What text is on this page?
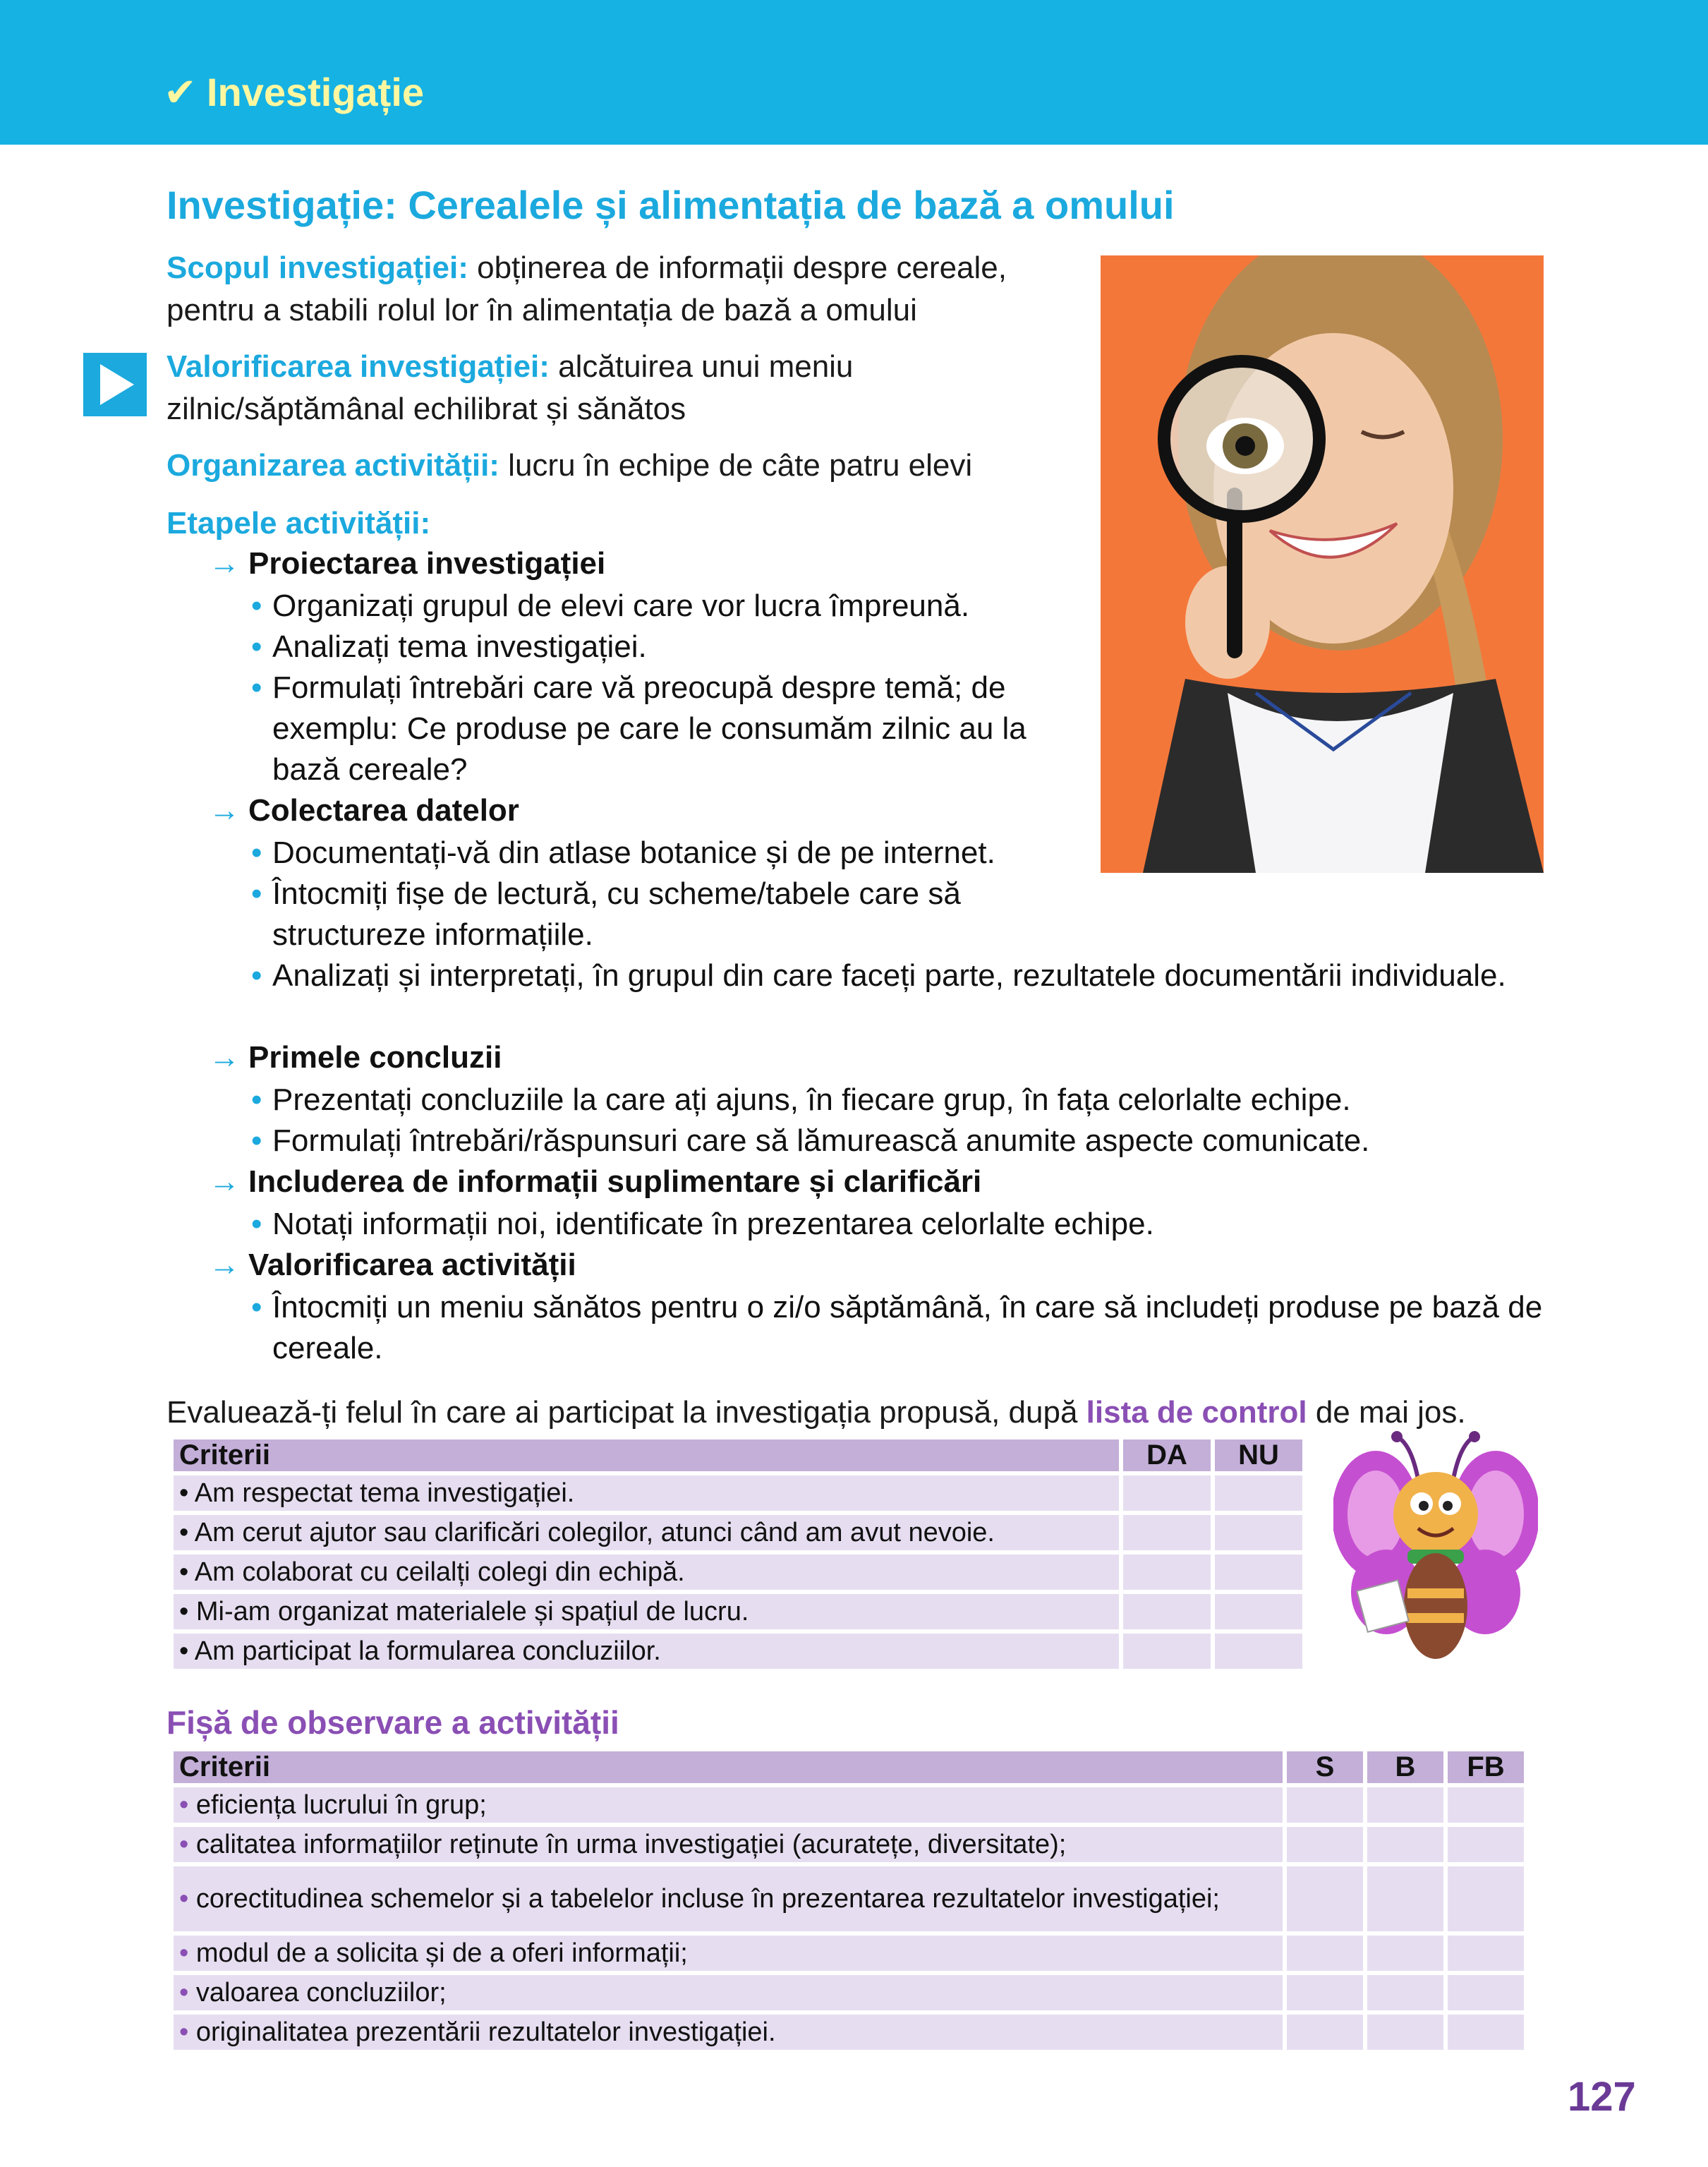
✔ Investigație
Investigație: Cerealele și alimentația de bază a omului
Scopul investigației: obținerea de informații despre cereale, pentru a stabili rolul lor în alimentația de bază a omului
Valorificarea investigației: alcătuirea unui meniu zilnic/săptămânal echilibrat și sănătos
Organizarea activității: lucru în echipe de câte patru elevi
Etapele activității:
→ Proiectarea investigației
• Organizați grupul de elevi care vor lucra împreună.
• Analizați tema investigației.
• Formulați întrebări care vă preocupă despre temă; de exemplu: Ce produse pe care le consumăm zilnic au la bază cereale?
→ Colectarea datelor
• Documentați-vă din atlase botanice și de pe internet.
• Întocmiți fișe de lectură, cu scheme/tabele care să structureze informațiile.
• Analizați și interpretați, în grupul din care faceți parte, rezultatele documentării individuale.
→ Primele concluzii
• Prezentați concluziile la care ați ajuns, în fiecare grup, în fața celorlalte echipe.
• Formulați întrebări/răspunsuri care să lămurească anumite aspecte comunicate.
→ Includerea de informații suplimentare și clarificări
• Notați informații noi, identificate în prezentarea celorlalte echipe.
→ Valorificarea activității
• Întocmiți un meniu sănătos pentru o zi/o săptămână, în care să includeți produse pe bază de cereale.
Evaluează-ți felul în care ai participat la investigația propusă, după lista de control de mai jos.
Criterii	DA	NU
• Am respectat tema investigației.		
• Am cerut ajutor sau clarificări colegilor, atunci când am avut nevoie.		
• Am colaborat cu ceilalți colegi din echipă.		
• Mi-am organizat materialele și spațiul de lucru.		
• Am participat la formularea concluziilor.		
Fișă de observare a activității
Criterii	S	B	FB
• eficiența lucrului în grup;			
• calitatea informațiilor reținute în urma investigației (acuratețe, diversitate);			
• corectitudinea schemelor și a tabelelor incluse în prezentarea rezultatelor investigației;			
• modul de a solicita și de a oferi informații;			
• valoarea concluziilor;			
• originalitatea prezentării rezultatelor investigației.			
127
